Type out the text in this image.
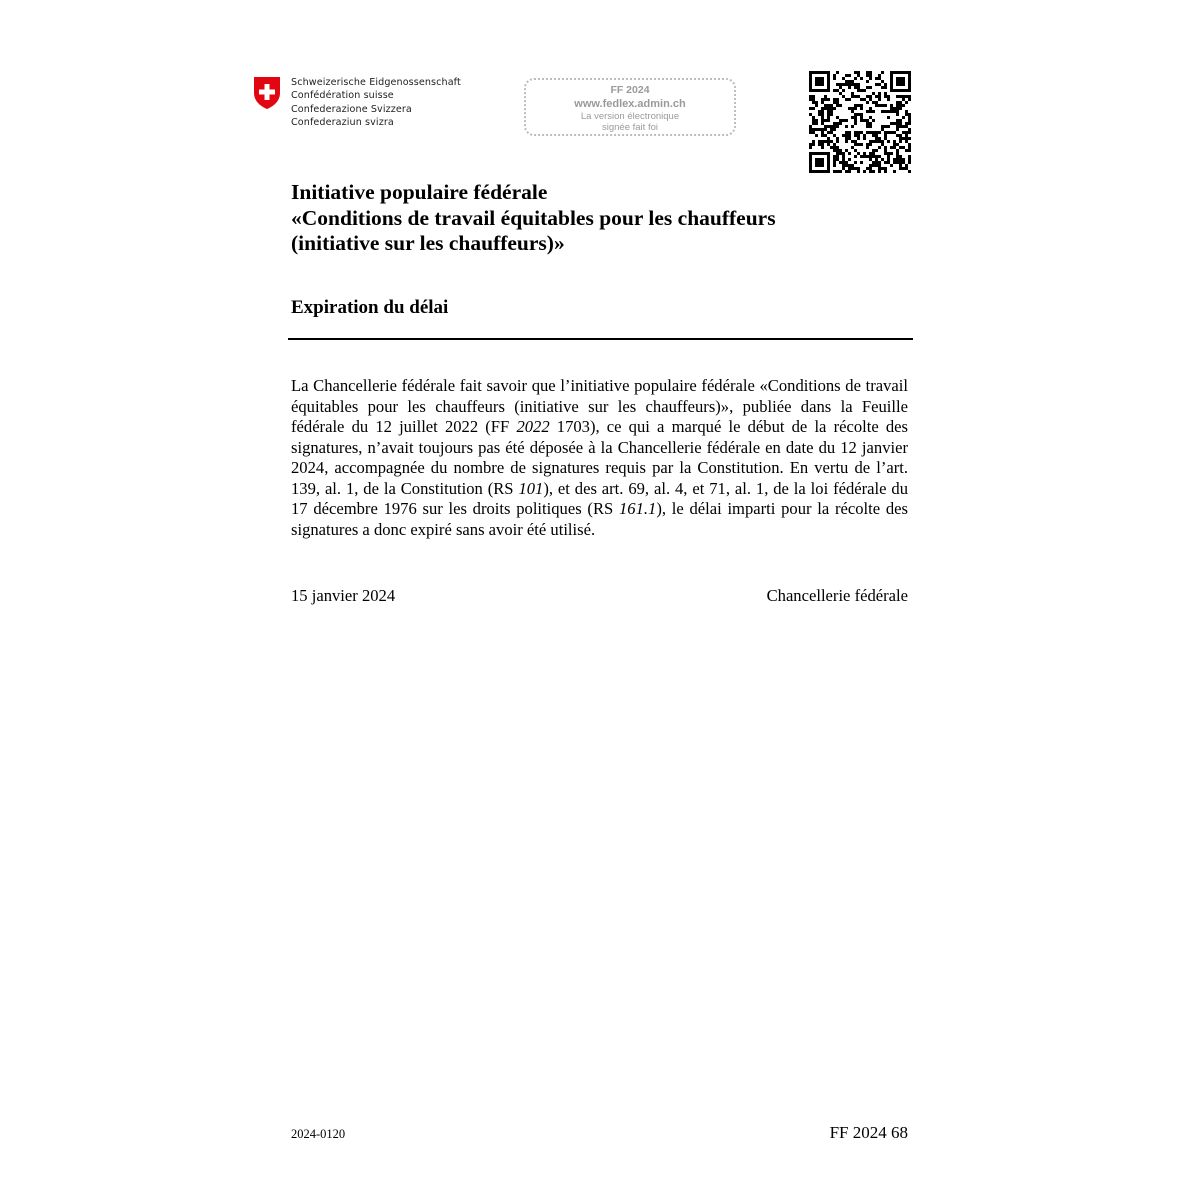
Schweizerische Eidgenossenschaft
Confédération suisse
Confederazione Svizzera
Confederaziun svizra
FF 2024
www.fedlex.admin.ch
La version électronique
signée fait foi
Initiative populaire fédérale
«Conditions de travail équitables pour les chauffeurs
(initiative sur les chauffeurs)»
Expiration du délai
La Chancellerie fédérale fait savoir que l’initiative populaire fédérale «Conditions de travail équitables pour les chauffeurs (initiative sur les chauffeurs)», publiée dans la Feuille fédérale du 12 juillet 2022 (FF 2022 1703), ce qui a marqué le début de la récolte des signatures, n’avait toujours pas été déposée à la Chancellerie fédérale en date du 12 janvier 2024, accompagnée du nombre de signatures requis par la Constitution. En vertu de l’art. 139, al. 1, de la Constitution (RS 101), et des art. 69, al. 4, et 71, al. 1, de la loi fédérale du 17 décembre 1976 sur les droits politiques (RS 161.1), le délai imparti pour la récolte des signatures a donc expiré sans avoir été utilisé.
15 janvier 2024	Chancellerie fédérale
2024-0120	FF 2024 68
